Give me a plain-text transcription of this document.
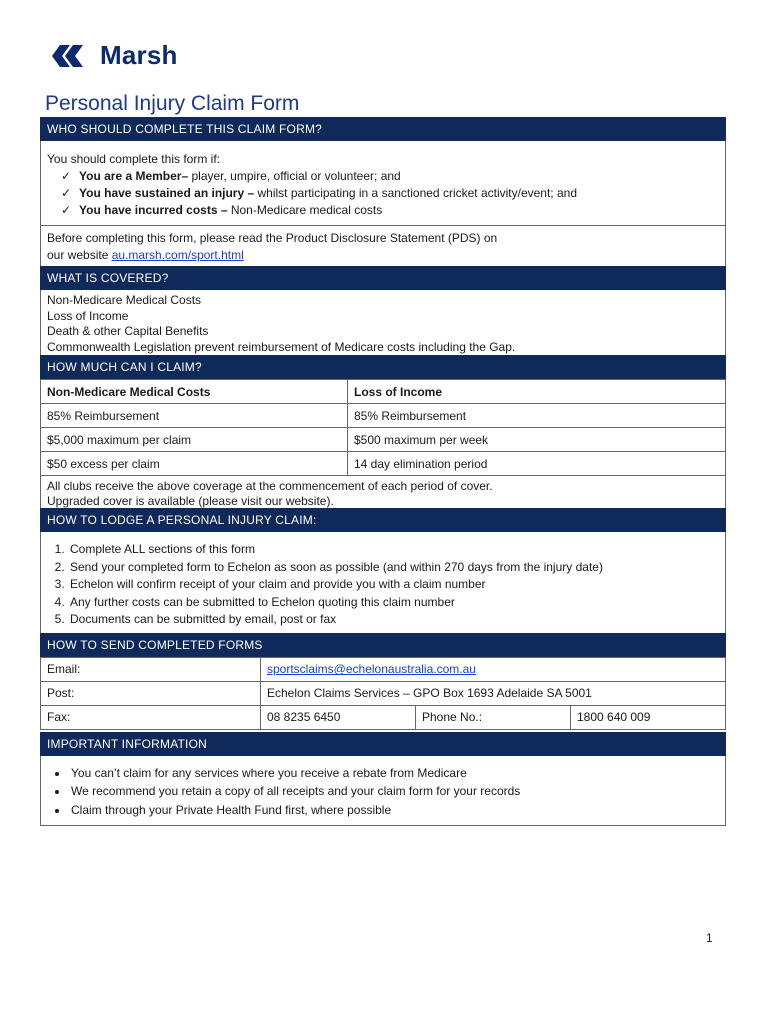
Marsh
Personal Injury Claim Form
WHO SHOULD COMPLETE THIS CLAIM FORM?

You should complete this form if:

✓ You are a Member– player, umpire, official or volunteer; and
✓ You have sustained an injury – whilst participating in a sanctioned cricket activity/event; and
✓ You have incurred costs – Non-Medicare medical costs

Before completing this form, please read the Product Disclosure Statement (PDS) on

our website au.marsh.com/sport.html

WHAT IS COVERED?

Non-Medicare Medical Costs

Loss of Income

Death & other Capital Benefits

Commonwealth Legislation prevent reimbursement of Medicare costs including the Gap.

HOW MUCH CAN I CLAIM?
Non-Medicare Medical Costs	Loss of Income
85% Reimbursement	85% Reimbursement
$5,000 maximum per claim	$500 maximum per week
$50 excess per claim	14 day elimination period

All clubs receive the above coverage at the commencement of each period of cover.

Upgraded cover is available (please visit our website).

HOW TO LODGE A PERSONAL INJURY CLAIM:
1. Complete ALL sections of this form
2. Send your completed form to Echelon as soon as possible (and within 270 days from the injury date)
3. Echelon will confirm receipt of your claim and provide you with a claim number
4. Any further costs can be submitted to Echelon quoting this claim number
5. Documents can be submitted by email, post or fax
HOW TO SEND COMPLETED FORMS
Email:	sportsclaims@echelonaustralia.com.au		
Post:	Echelon Claims Services – GPO Box 1693 Adelaide SA 5001		
Fax:	08 8235 6450	Phone No.:	1800 640 009
IMPORTANT INFORMATION
• You can’t claim for any services where you receive a rebate from Medicare
• We recommend you retain a copy of all receipts and your claim form for your records
• Claim through your Private Health Fund first, where possible
1
